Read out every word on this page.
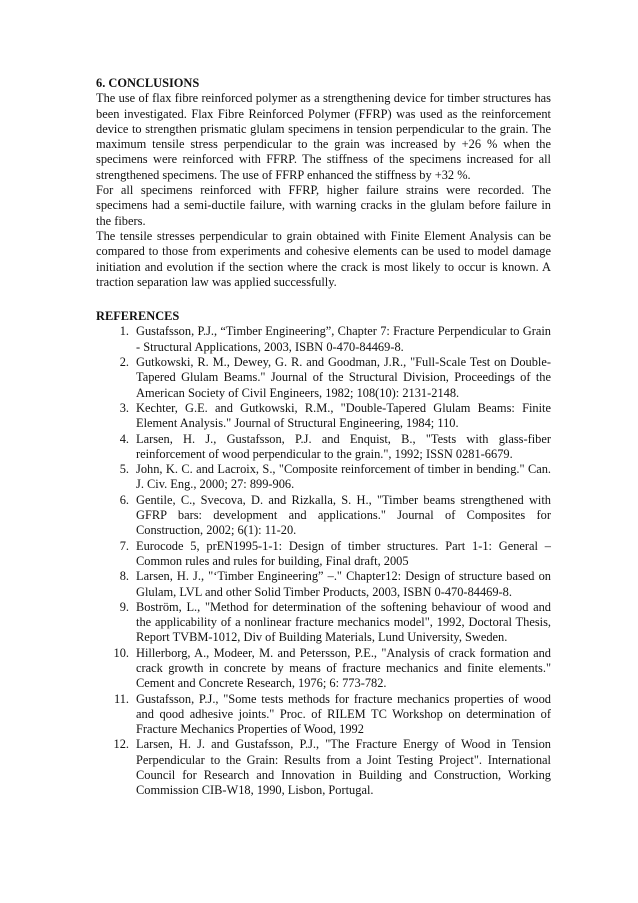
6. CONCLUSIONS

The use of flax fibre reinforced polymer as a strengthening device for timber structures has been investigated. Flax Fibre Reinforced Polymer (FFRP) was used as the reinforcement device to strengthen prismatic glulam specimens in tension perpendicular to the grain. The maximum tensile stress perpendicular to the grain was increased by +26 % when the specimens were reinforced with FFRP. The stiffness of the specimens increased for all strengthened specimens. The use of FFRP enhanced the stiffness by +32 %.

For all specimens reinforced with FFRP, higher failure strains were recorded. The specimens had a semi-ductile failure, with warning cracks in the glulam before failure in the fibers.

The tensile stresses perpendicular to grain obtained with Finite Element Analysis can be compared to those from experiments and cohesive elements can be used to model damage initiation and evolution if the section where the crack is most likely to occur is known. A traction separation law was applied successfully.

REFERENCES

1. Gustafsson, P.J., “Timber Engineering”, Chapter 7: Fracture Perpendicular to Grain - Structural Applications, 2003, ISBN 0-470-84469-8.
2. Gutkowski, R. M., Dewey, G. R. and Goodman, J.R., "Full-Scale Test on Double-Tapered Glulam Beams." Journal of the Structural Division, Proceedings of the American Society of Civil Engineers, 1982; 108(10): 2131-2148.
3. Kechter, G.E. and Gutkowski, R.M., "Double-Tapered Glulam Beams: Finite Element Analysis." Journal of Structural Engineering, 1984; 110.
4. Larsen, H. J., Gustafsson, P.J. and Enquist, B., "Tests with glass-fiber reinforcement of wood perpendicular to the grain.", 1992; ISSN 0281-6679.
5. John, K. C. and Lacroix, S., "Composite reinforcement of timber in bending." Can. J. Civ. Eng., 2000; 27: 899-906.
6. Gentile, C., Svecova, D. and Rizkalla, S. H., "Timber beams strengthened with GFRP bars: development and applications." Journal of Composites for Construction, 2002; 6(1): 11-20.
7. Eurocode 5, prEN1995-1-1: Design of timber structures. Part 1-1: General – Common rules and rules for building, Final draft, 2005
8. Larsen, H. J., "‘Timber Engineering” –." Chapter12: Design of structure based on Glulam, LVL and other Solid Timber Products, 2003, ISBN 0-470-84469-8.
9. Boström, L., "Method for determination of the softening behaviour of wood and the applicability of a nonlinear fracture mechanics model", 1992, Doctoral Thesis, Report TVBM-1012, Div of Building Materials, Lund University, Sweden.
10. Hillerborg, A., Modeer, M. and Petersson, P.E., "Analysis of crack formation and crack growth in concrete by means of fracture mechanics and finite elements." Cement and Concrete Research, 1976; 6: 773-782.
11. Gustafsson, P.J., "Some tests methods for fracture mechanics properties of wood and qood adhesive joints." Proc. of RILEM TC Workshop on determination of Fracture Mechanics Properties of Wood, 1992
12. Larsen, H. J. and Gustafsson, P.J., "The Fracture Energy of Wood in Tension Perpendicular to the Grain: Results from a Joint Testing Project". International Council for Research and Innovation in Building and Construction, Working Commission CIB-W18, 1990, Lisbon, Portugal.
